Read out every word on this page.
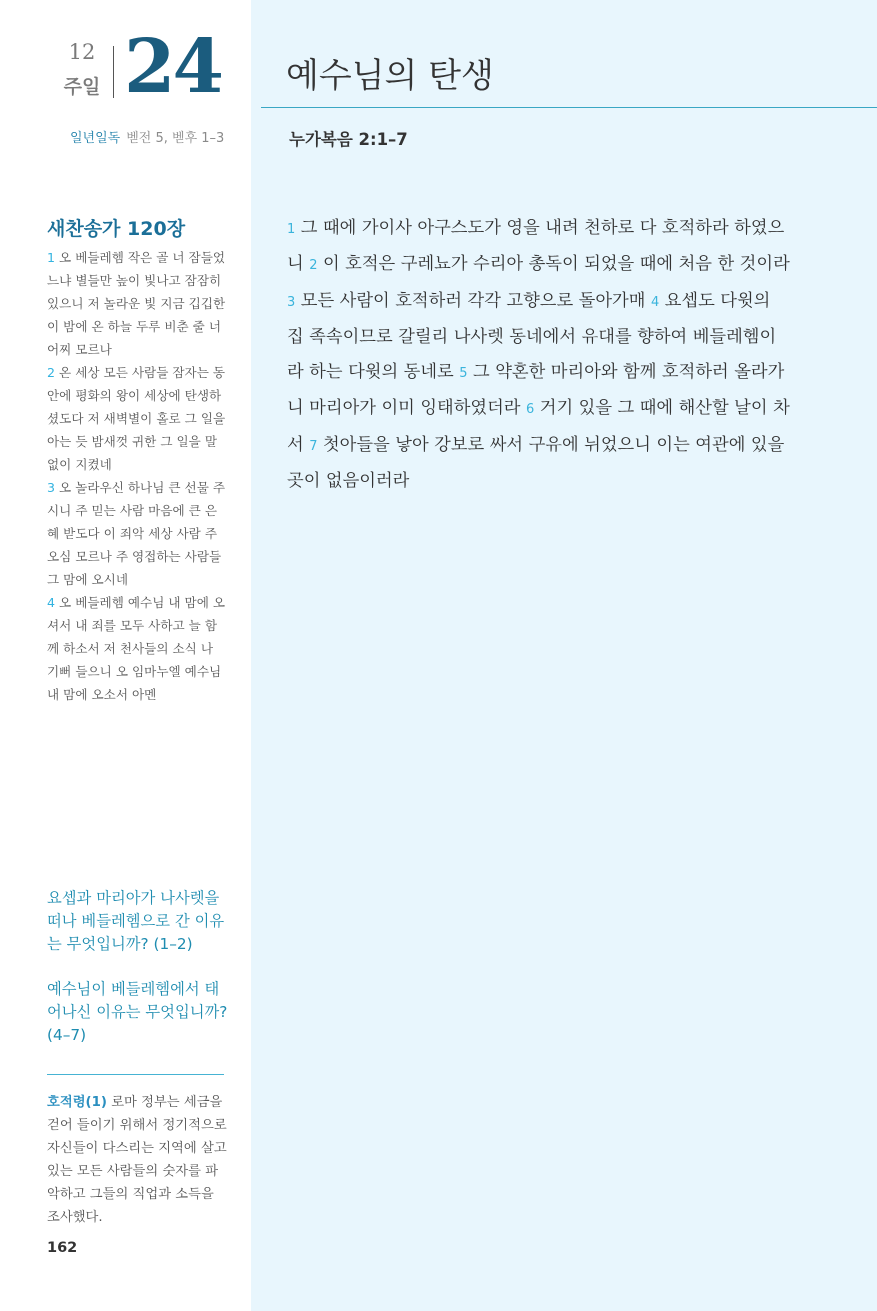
12
주일 24
일년일독 벧전 5, 벧후 1–3
새찬송가 120장

1 오 베들레헴 작은 골 너 잠들었느냐 별들만 높이 빛나고 잠잠히 있으니 저 놀라운 빛 지금 깁깁한 이 밤에 온 하늘 두루 비춘 줄 너 어찌 모르나

2 온 세상 모든 사람들 잠자는 동안에 평화의 왕이 세상에 탄생하셨도다 저 새벽별이 홀로 그 일을 아는 듯 밤새껏 귀한 그 일을 말없이 지켰네

3 오 놀라우신 하나님 큰 선물 주시니 주 믿는 사람 마음에 큰 은혜 받도다 이 죄악 세상 사람 주 오심 모르나 주 영접하는 사람들 그 맘에 오시네

4 오 베들레헴 예수님 내 맘에 오셔서 내 죄를 모두 사하고 늘 함께 하소서 저 천사들의 소식 나 기뻐 들으니 오 임마누엘 예수님 내 맘에 오소서 아멘

요셉과 마리아가 나사렛을 떠나 베들레헴으로 간 이유는 무엇입니까? (1–2)

예수님이 베들레헴에서 태어나신 이유는 무엇입니까? (4–7)

호적령(1) 로마 정부는 세금을 걷어 들이기 위해서 정기적으로 자신들이 다스리는 지역에 살고 있는 모든 사람들의 숫자를 파악하고 그들의 직업과 소득을 조사했다.
162
예수님의 탄생
누가복음 2:1–7
1 그 때에 가이사 아구스도가 영을 내려 천하로 다 호적하라 하였으니 2 이 호적은 구레뇨가 수리아 총독이 되었을 때에 처음 한 것이라 3 모든 사람이 호적하러 각각 고향으로 돌아가매 4 요셉도 다윗의 집 족속이므로 갈릴리 나사렛 동네에서 유대를 향하여 베들레헴이라 하는 다윗의 동네로 5 그 약혼한 마리아와 함께 호적하러 올라가니 마리아가 이미 잉태하였더라 6 거기 있을 그 때에 해산할 날이 차서 7 첫아들을 낳아 강보로 싸서 구유에 뉘었으니 이는 여관에 있을 곳이 없음이러라
